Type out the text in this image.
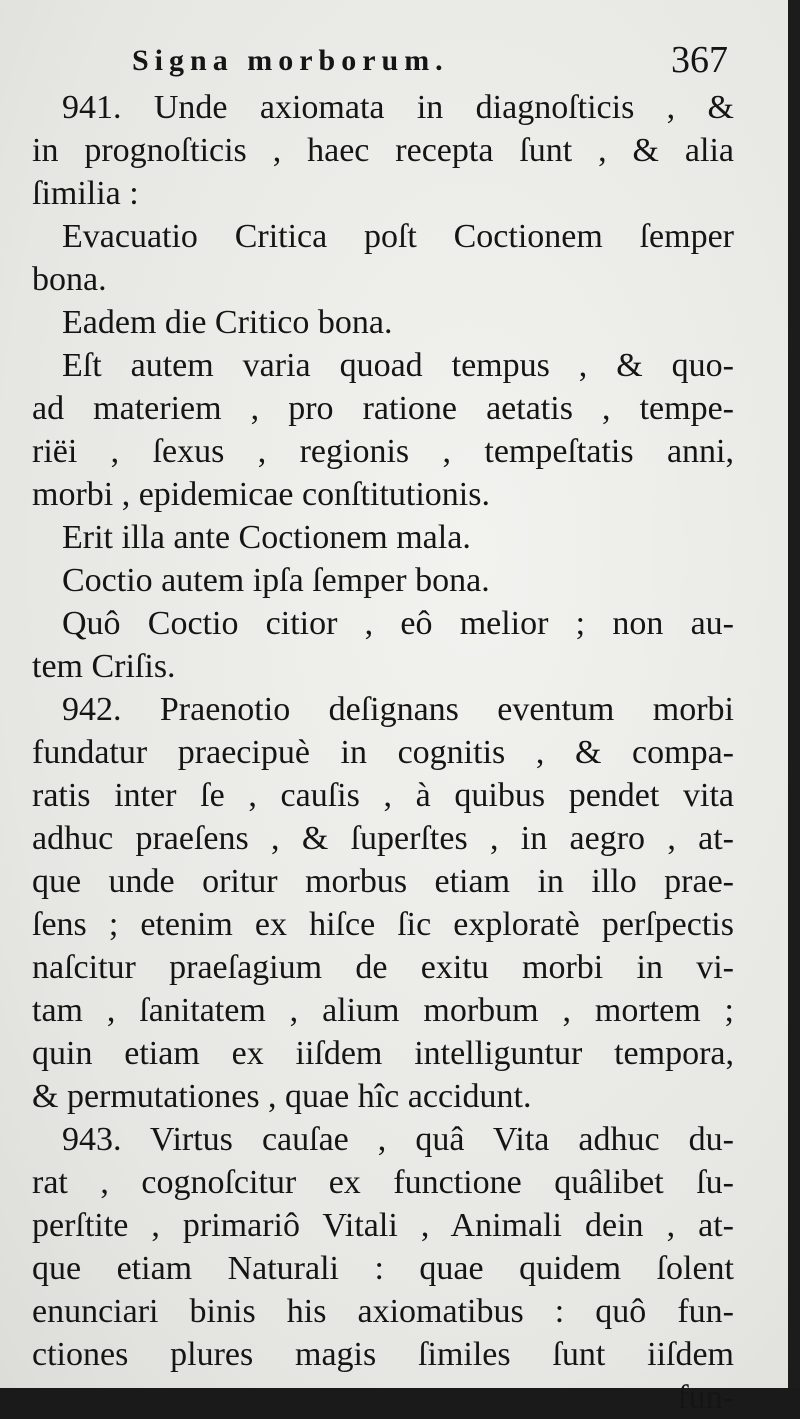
Signa morborum.	367
941. Unde axiomata in diagnoſticis , &
in prognoſticis , haec recepta ſunt , & alia
ſimilia :
Evacuatio Critica poſt Coctionem ſemper
bona.
Eadem die Critico bona.
Eſt autem varia quoad tempus , & quo-
ad materiem , pro ratione aetatis , tempe-
riëi , ſexus , regionis , tempeſtatis anni,
morbi , epidemicae conſtitutionis.
Erit illa ante Coctionem mala.
Coctio autem ipſa ſemper bona.
Quô Coctio citior , eô melior ; non au-
tem Criſis.
942. Praenotio deſignans eventum morbi
fundatur praecipuè in cognitis , & compa-
ratis inter ſe , cauſis , à quibus pendet vita
adhuc praeſens , & ſuperſtes , in aegro , at-
que unde oritur morbus etiam in illo prae-
ſens ; etenim ex hiſce ſic exploratè perſpectis
naſcitur praeſagium de exitu morbi in vi-
tam , ſanitatem , alium morbum , mortem ;
quin etiam ex iiſdem intelliguntur tempora,
& permutationes , quae hîc accidunt.
943. Virtus cauſae , quâ Vita adhuc du-
rat , cognoſcitur ex functione quâlibet ſu-
perſtite , primariô Vitali , Animali dein , at-
que etiam Naturali : quae quidem ſolent
enunciari binis his axiomatibus : quô fun-
ctiones plures magis ſimiles ſunt iiſdem
fun-
